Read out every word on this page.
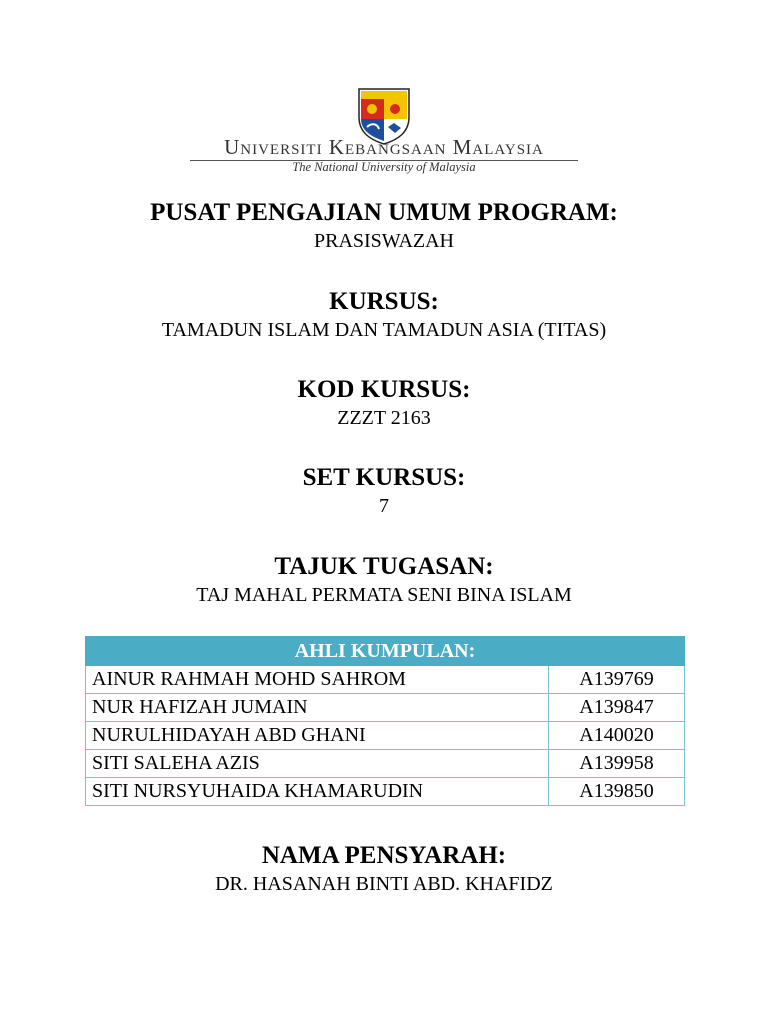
Universiti Kebangsaan Malaysia
The National University of Malaysia
PUSAT PENGAJIAN UMUM PROGRAM:
PRASISWAZAH
KURSUS:
TAMADUN ISLAM DAN TAMADUN ASIA (TITAS)
KOD KURSUS:
ZZZT 2163
SET KURSUS:
7
TAJUK TUGASAN:
TAJ MAHAL PERMATA SENI BINA ISLAM
AHLI KUMPULAN:	
AINUR RAHMAH MOHD SAHROM	A139769
NUR HAFIZAH JUMAIN	A139847
NURULHIDAYAH ABD GHANI	A140020
SITI SALEHA AZIS	A139958
SITI NURSYUHAIDA KHAMARUDIN	A139850
NAMA PENSYARAH:
DR. HASANAH BINTI ABD. KHAFIDZ
